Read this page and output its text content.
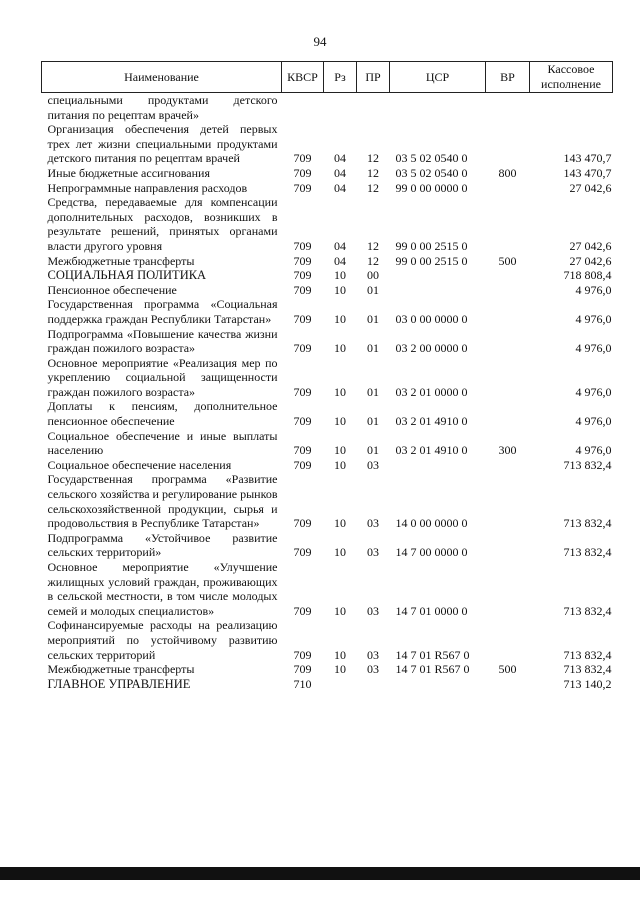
94
Наименование	КВСР	Рз	ПР	ЦСР	ВР	Кассовое исполнение
специальными продуктами детского питания по рецептам врачей»						
Организация обеспечения детей первых трех лет жизни специальными продуктами детского питания по рецептам врачей	709	04	12	03 5 02 0540 0		143 470,7
Иные бюджетные ассигнования	709	04	12	03 5 02 0540 0	800	143 470,7
Непрограммные направления расходов	709	04	12	99 0 00 0000 0		27 042,6
Средства, передаваемые для компенсации дополнительных расходов, возникших в результате решений, принятых органами власти другого уровня	709	04	12	99 0 00 2515 0		27 042,6
Межбюджетные трансферты	709	04	12	99 0 00 2515 0	500	27 042,6
СОЦИАЛЬНАЯ ПОЛИТИКА	709	10	00			718 808,4
Пенсионное обеспечение	709	10	01			4 976,0
Государственная программа «Социальная поддержка граждан Республики Татарстан»	709	10	01	03 0 00 0000 0		4 976,0
Подпрограмма «Повышение качества жизни граждан пожилого возраста»	709	10	01	03 2 00 0000 0		4 976,0
Основное мероприятие «Реализация мер по укреплению социальной защищенности граждан пожилого возраста»	709	10	01	03 2 01 0000 0		4 976,0
Доплаты к пенсиям, дополнительное пенсионное обеспечение	709	10	01	03 2 01 4910 0		4 976,0
Социальное обеспечение и иные выплаты населению	709	10	01	03 2 01 4910 0	300	4 976,0
Социальное обеспечение населения	709	10	03			713 832,4
Государственная программа «Развитие сельского хозяйства и регулирование рынков сельскохозяйственной продукции, сырья и продовольствия в Республике Татарстан»	709	10	03	14 0 00 0000 0		713 832,4
Подпрограмма «Устойчивое развитие сельских территорий»	709	10	03	14 7 00 0000 0		713 832,4
Основное мероприятие «Улучшение жилищных условий граждан, проживающих в сельской местности, в том числе молодых семей и молодых специалистов»	709	10	03	14 7 01 0000 0		713 832,4
Софинансируемые расходы на реализацию мероприятий по устойчивому развитию сельских территорий	709	10	03	14 7 01 R567 0		713 832,4
Межбюджетные трансферты	709	10	03	14 7 01 R567 0	500	713 832,4
ГЛАВНОЕ УПРАВЛЕНИЕ	710					713 140,2
